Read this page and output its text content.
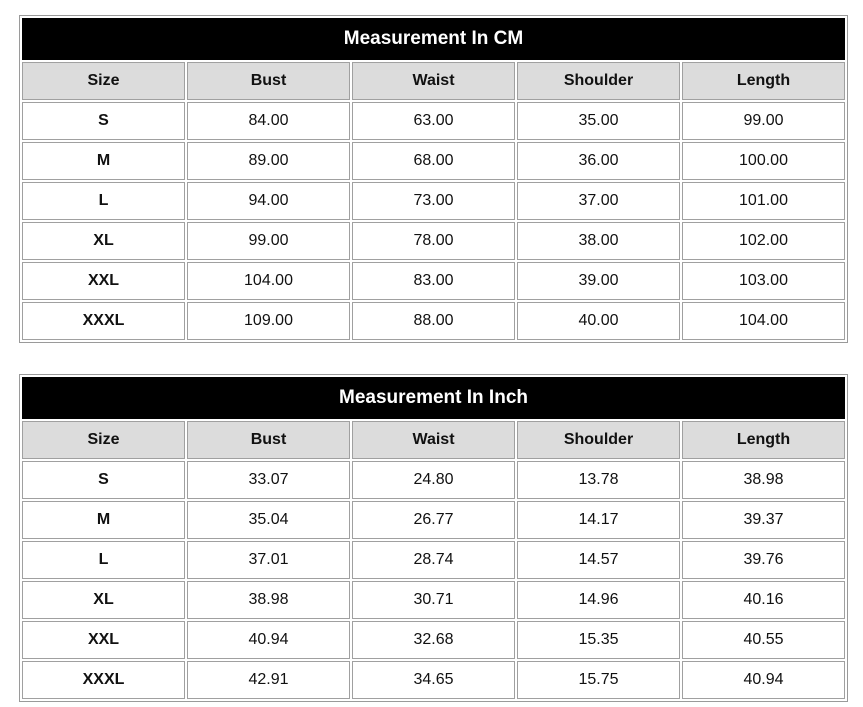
Measurement In CM				
Size	Bust	Waist	Shoulder	Length
S	84.00	63.00	35.00	99.00
M	89.00	68.00	36.00	100.00
L	94.00	73.00	37.00	101.00
XL	99.00	78.00	38.00	102.00
XXL	104.00	83.00	39.00	103.00
XXXL	109.00	88.00	40.00	104.00
Measurement In Inch				
Size	Bust	Waist	Shoulder	Length
S	33.07	24.80	13.78	38.98
M	35.04	26.77	14.17	39.37
L	37.01	28.74	14.57	39.76
XL	38.98	30.71	14.96	40.16
XXL	40.94	32.68	15.35	40.55
XXXL	42.91	34.65	15.75	40.94
